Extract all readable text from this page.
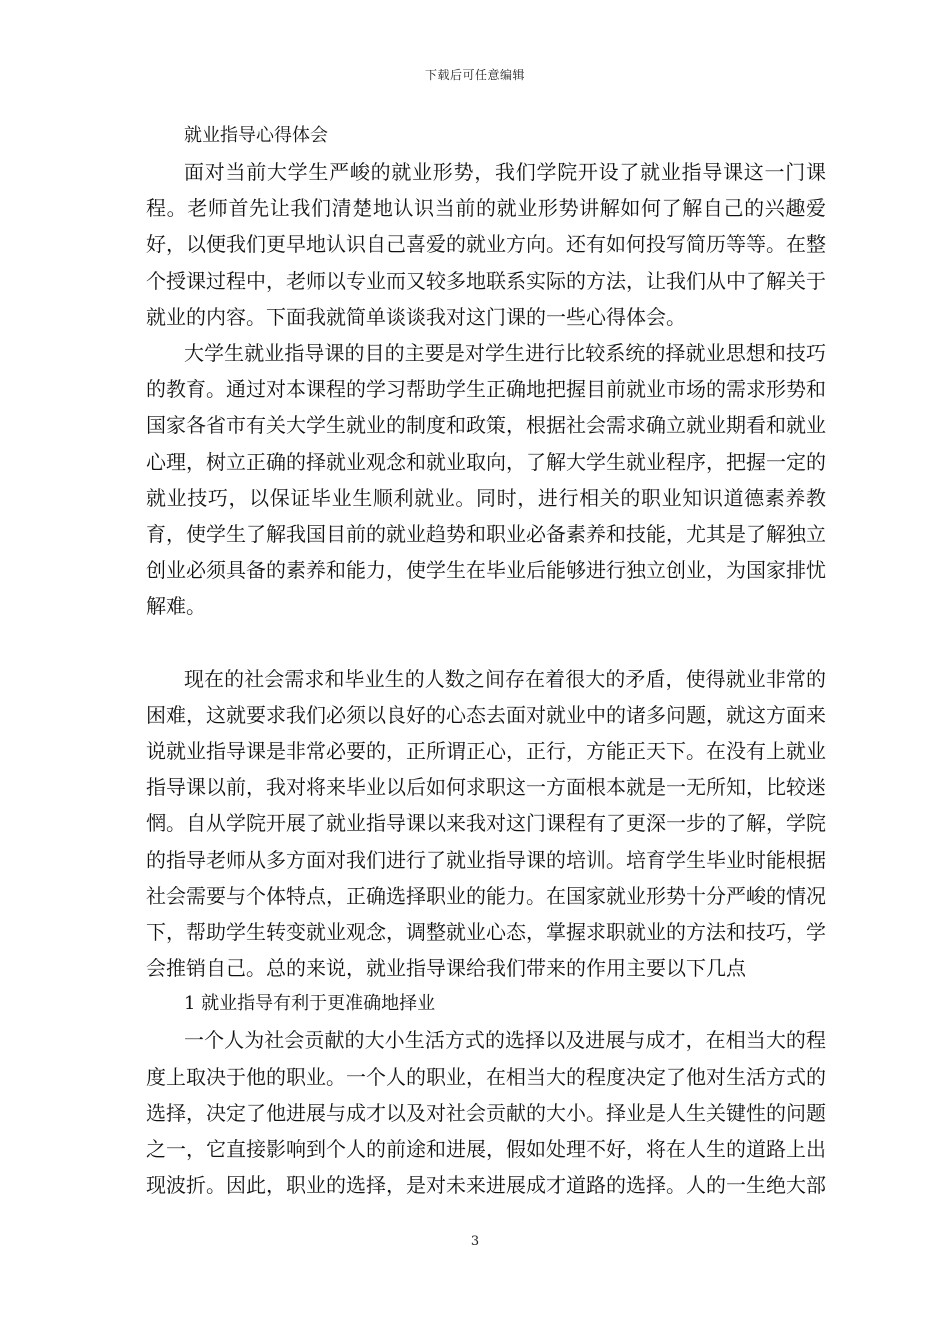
下载后可任意编辑

就业指导心得体会

面对当前大学生严峻的就业形势，我们学院开设了就业指导课这一门课程。老师首先让我们清楚地认识当前的就业形势讲解如何了解自己的兴趣爱好，以便我们更早地认识自己喜爱的就业方向。还有如何投写简历等等。在整个授课过程中，老师以专业而又较多地联系实际的方法，让我们从中了解关于就业的内容。下面我就简单谈谈我对这门课的一些心得体会。

大学生就业指导课的目的主要是对学生进行比较系统的择就业思想和技巧的教育。通过对本课程的学习帮助学生正确地把握目前就业市场的需求形势和国家各省市有关大学生就业的制度和政策，根据社会需求确立就业期看和就业心理，树立正确的择就业观念和就业取向，了解大学生就业程序，把握一定的就业技巧，以保证毕业生顺利就业。同时，进行相关的职业知识道德素养教育，使学生了解我国目前的就业趋势和职业必备素养和技能，尤其是了解独立创业必须具备的素养和能力，使学生在毕业后能够进行独立创业，为国家排忧解难。

现在的社会需求和毕业生的人数之间存在着很大的矛盾，使得就业非常的困难，这就要求我们必须以良好的心态去面对就业中的诸多问题，就这方面来说就业指导课是非常必要的，正所谓正心，正行，方能正天下。在没有上就业指导课以前，我对将来毕业以后如何求职这一方面根本就是一无所知，比较迷惘。自从学院开展了就业指导课以来我对这门课程有了更深一步的了解，学院的指导老师从多方面对我们进行了就业指导课的培训。培育学生毕业时能根据社会需要与个体特点，正确选择职业的能力。在国家就业形势十分严峻的情况下，帮助学生转变就业观念，调整就业心态，掌握求职就业的方法和技巧，学会推销自己。总的来说，就业指导课给我们带来的作用主要以下几点

1 就业指导有利于更准确地择业

一个人为社会贡献的大小生活方式的选择以及进展与成才，在相当大的程度上取决于他的职业。一个人的职业，在相当大的程度决定了他对生活方式的选择，决定了他进展与成才以及对社会贡献的大小。择业是人生关键性的问题之一，它直接影响到个人的前途和进展，假如处理不好，将在人生的道路上出现波折。因此，职业的选择，是对未来进展成才道路的选择。人的一生绝大部

3
